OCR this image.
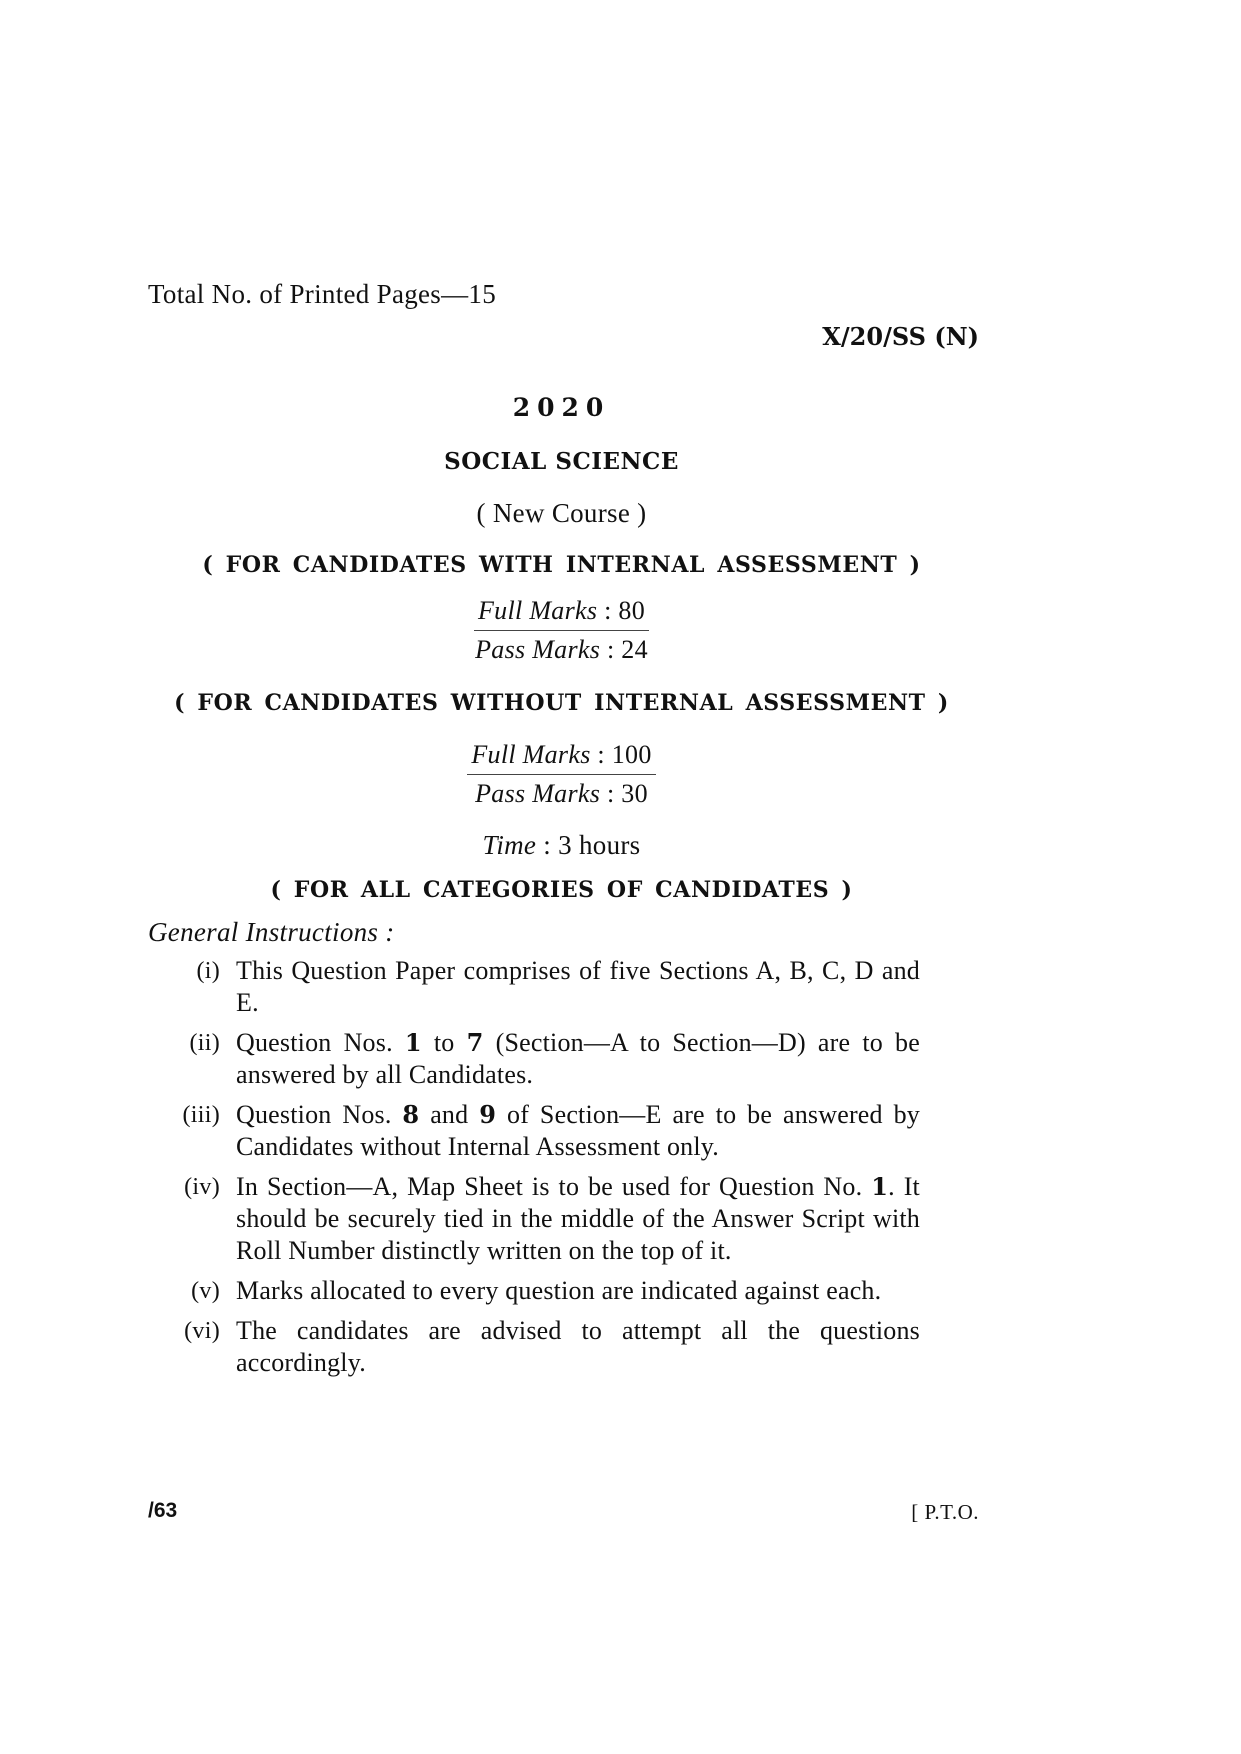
Total No. of Printed Pages—15
X/20/SS (N)
2020
SOCIAL SCIENCE
( New Course )
( FOR CANDIDATES WITH INTERNAL ASSESSMENT )
Full Marks : 80
Pass Marks : 24
( FOR CANDIDATES WITHOUT INTERNAL ASSESSMENT )
Full Marks : 100
Pass Marks : 30
Time : 3 hours
( FOR ALL CATEGORIES OF CANDIDATES )
General Instructions :
(i) This Question Paper comprises of five Sections A, B, C, D and E.
(ii) Question Nos. 1 to 7 (Section—A to Section—D) are to be answered by all Candidates.
(iii) Question Nos. 8 and 9 of Section—E are to be answered by Candidates without Internal Assessment only.
(iv) In Section—A, Map Sheet is to be used for Question No. 1. It should be securely tied in the middle of the Answer Script with Roll Number distinctly written on the top of it.
(v) Marks allocated to every question are indicated against each.
(vi) The candidates are advised to attempt all the questions accordingly.
/63	[ P.T.O.
